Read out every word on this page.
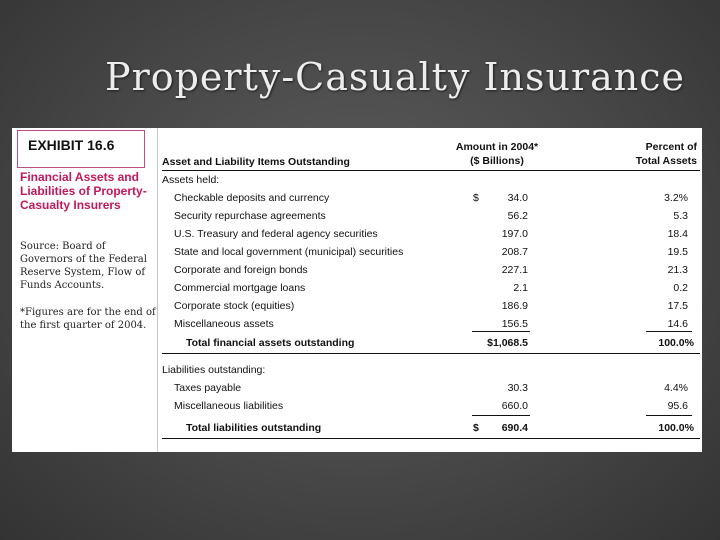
Property-Casualty Insurance
EXHIBIT 16.6
Financial Assets and Liabilities of Property-Casualty Insurers
Source: Board of Governors of the Federal Reserve System, Flow of Funds Accounts.
*Figures are for the end of the first quarter of 2004.
Asset and Liability Items Outstanding
Amount in 2004*
($ Billions)
Percent of
Total Assets
Assets held:
Checkable deposits and currency	$	34.0	3.2%
Security repurchase agreements	56.2	5.3
U.S. Treasury and federal agency securities	197.0	18.4
State and local government (municipal) securities	208.7	19.5
Corporate and foreign bonds	227.1	21.3
Commercial mortgage loans	2.1	0.2
Corporate stock (equities)	186.9	17.5
Miscellaneous assets	156.5	14.6
Total financial assets outstanding	$1,068.5	100.0%
Liabilities outstanding:
Taxes payable	30.3	4.4%
Miscellaneous liabilities	660.0	95.6
Total liabilities outstanding	$	690.4	100.0%
